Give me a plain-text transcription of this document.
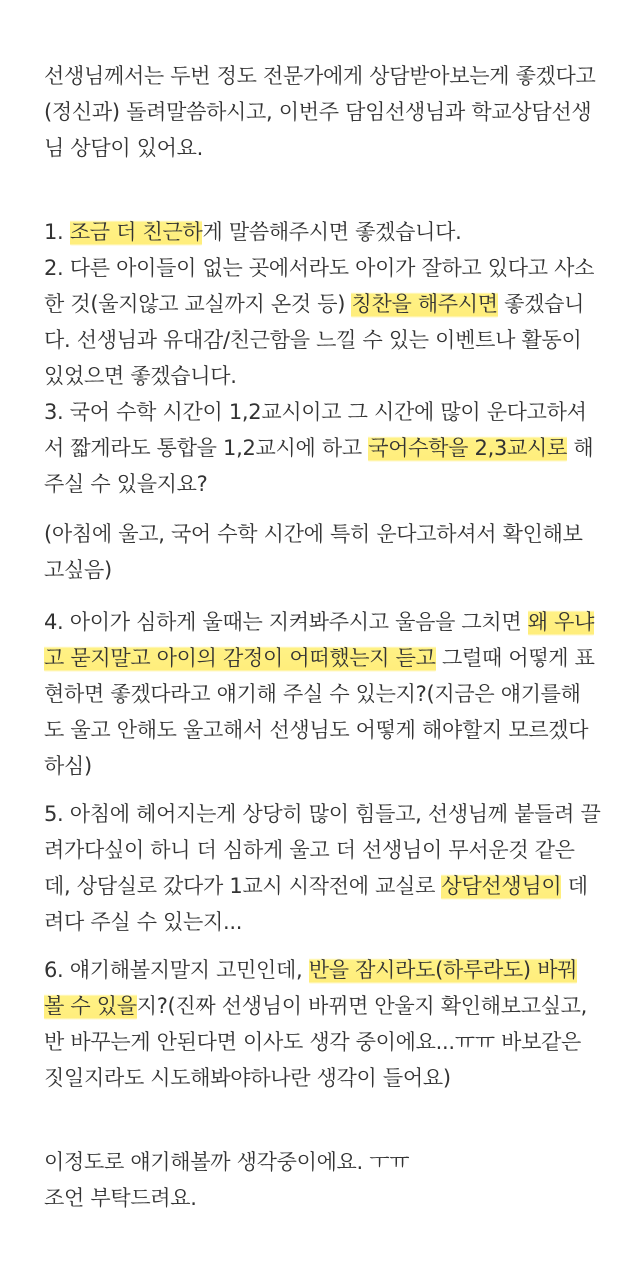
선생님께서는 두번 정도 전문가에게 상담받아보는게 좋겠다고
(정신과) 돌려말씀하시고, 이번주 담임선생님과 학교상담선생
님 상담이 있어요.
1. 조금 더 친근하게 말씀해주시면 좋겠습니다.
2. 다른 아이들이 없는 곳에서라도 아이가 잘하고 있다고 사소
한 것(울지않고 교실까지 온것 등) 칭찬을 해주시면 좋겠습니
다. 선생님과 유대감/친근함을 느낄 수 있는 이벤트나 활동이
있었으면 좋겠습니다.
3. 국어 수학 시간이 1,2교시이고 그 시간에 많이 운다고하셔
서 짧게라도 통합을 1,2교시에 하고 국어수학을 2,3교시로 해
주실 수 있을지요?
(아침에 울고, 국어 수학 시간에 특히 운다고하셔서 확인해보
고싶음)
4. 아이가 심하게 울때는 지켜봐주시고 울음을 그치면 왜 우냐
고 묻지말고 아이의 감정이 어떠했는지 듣고 그럴때 어떻게 표
현하면 좋겠다라고 얘기해 주실 수 있는지?(지금은 얘기를해
도 울고 안해도 울고해서 선생님도 어떻게 해야할지 모르겠다
하심)
5. 아침에 헤어지는게 상당히 많이 힘들고, 선생님께 붙들려 끌
려가다싶이 하니 더 심하게 울고 더 선생님이 무서운것 같은
데, 상담실로 갔다가 1교시 시작전에 교실로 상담선생님이 데
려다 주실 수 있는지...
6. 얘기해볼지말지 고민인데, 반을 잠시라도(하루라도) 바꿔
볼 수 있을지?(진짜 선생님이 바뀌면 안울지 확인해보고싶고,
반 바꾸는게 안된다면 이사도 생각 중이에요...ㅠㅠ 바보같은
짓일지라도 시도해봐야하나란 생각이 들어요)
이정도로 얘기해볼까 생각중이에요. ㅜㅠ
조언 부탁드려요.
